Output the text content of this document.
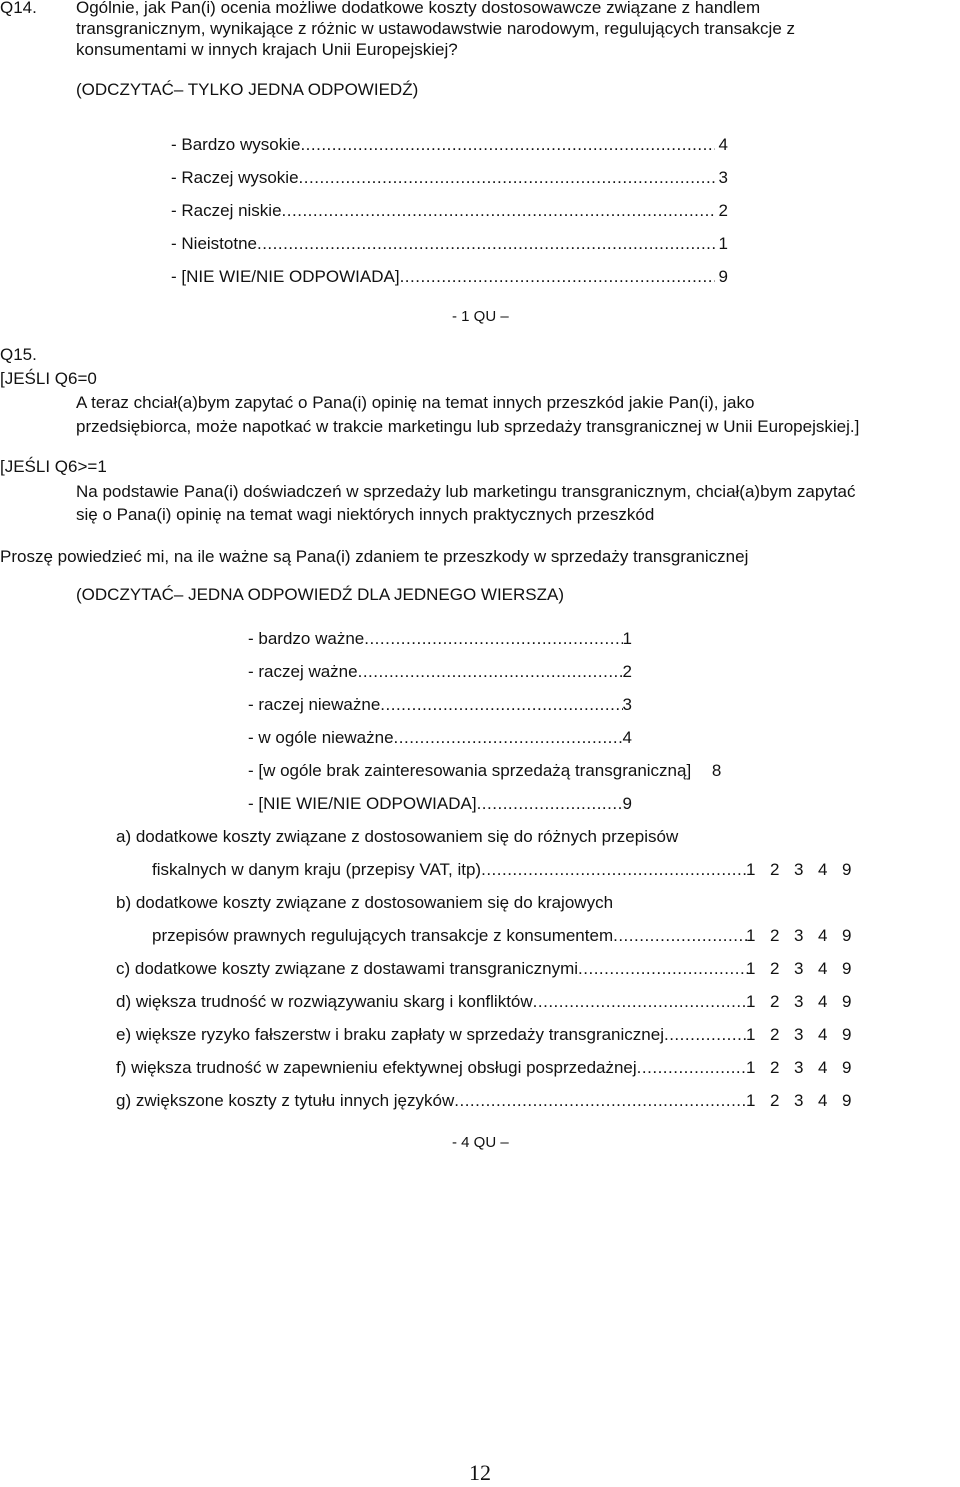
Q14. Ogólnie, jak Pan(i) ocenia możliwe dodatkowe koszty dostosowawcze związane z handlem
transgranicznym, wynikające z różnic w ustawodawstwie narodowym, regulujących transakcje z
konsumentami w innych krajach Unii Europejskiej?
(ODCZYTAĆ– TYLKO JEDNA ODPOWIEDŹ)
- Bardzo wysokie .....	4
- Raczej wysokie .....	3
- Raczej niskie .....	2
- Nieistotne .....	1
- [NIE WIE/NIE ODPOWIADA] .....	9
- 1 QU –
Q15.
[JEŚLI Q6=0
A teraz chciał(a)bym zapytać o Pana(i) opinię na temat innych przeszkód jakie Pan(i), jako
przedsiębiorca, może napotkać w trakcie marketingu lub sprzedaży transgranicznej w Unii Europejskiej.]
[JEŚLI Q6>=1
Na podstawie Pana(i) doświadczeń w sprzedaży lub marketingu transgranicznym, chciał(a)bym zapytać
się o Pana(i) opinię na temat wagi niektórych innych praktycznych przeszkód
Proszę powiedzieć mi, na ile ważne są Pana(i) zdaniem te przeszkody w sprzedaży transgranicznej
(ODCZYTAĆ– JEDNA ODPOWIEDŹ DLA JEDNEGO WIERSZA)
- bardzo ważne .....	1
- raczej ważne .....	2
- raczej nieważne .....	3
- w ogóle nieważne .....	4
- [w ogóle brak zainteresowania sprzedażą transgraniczną] 8
- [NIE WIE/NIE ODPOWIADA] .....	9
a) dodatkowe koszty związane z dostosowaniem się do różnych przepisów
fiskalnych w danym kraju (przepisy VAT, itp) .....	1 2 3 4 9
b) dodatkowe koszty związane z dostosowaniem się do krajowych
przepisów prawnych regulujących transakcje z konsumentem .....	1 2 3 4 9
c) dodatkowe koszty związane z dostawami transgranicznymi .....	1 2 3 4 9
d) większa trudność w rozwiązywaniu skarg i konfliktów .....	1 2 3 4 9
e) większe ryzyko fałszerstw i braku zapłaty w sprzedaży transgranicznej .....	1 2 3 4 9
f) większa trudność w zapewnieniu efektywnej obsługi posprzedażnej .....	1 2 3 4 9
g) zwiększone koszty z tytułu innych języków .....	1 2 3 4 9
- 4 QU –
12
